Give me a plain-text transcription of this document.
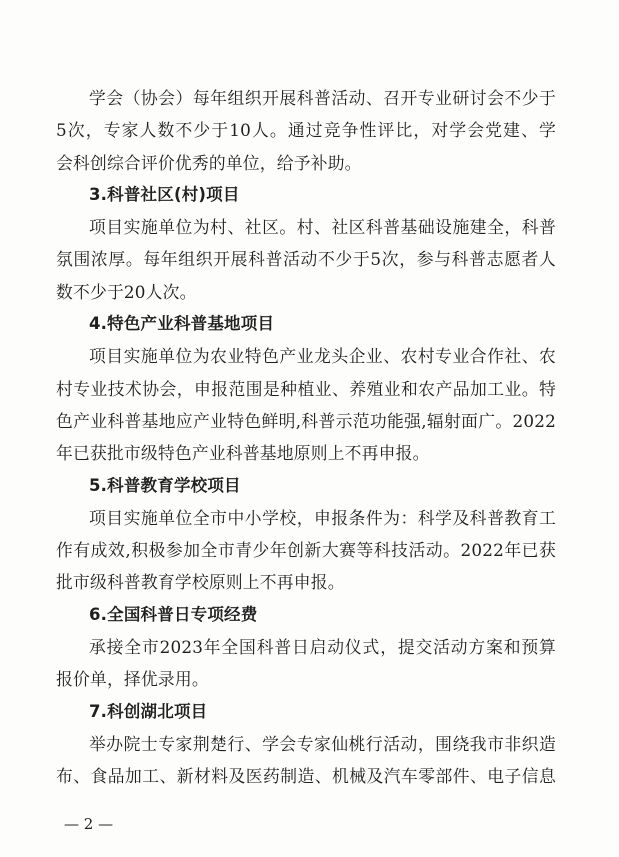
学会（协会）每年组织开展科普活动、召开专业研讨会不少于
5次，专家人数不少于10人。通过竞争性评比，对学会党建、学
会科创综合评价优秀的单位，给予补助。
3.科普社区(村)项目
项目实施单位为村、社区。村、社区科普基础设施建全，科普
氛围浓厚。每年组织开展科普活动不少于5次，参与科普志愿者人
数不少于20人次。
4.特色产业科普基地项目
项目实施单位为农业特色产业龙头企业、农村专业合作社、农
村专业技术协会，申报范围是种植业、养殖业和农产品加工业。特
色产业科普基地应产业特色鲜明,科普示范功能强,辐射面广。2022
年已获批市级特色产业科普基地原则上不再申报。
5.科普教育学校项目
项目实施单位全市中小学校，申报条件为：科学及科普教育工
作有成效,积极参加全市青少年创新大赛等科技活动。2022年已获
批市级科普教育学校原则上不再申报。
6.全国科普日专项经费
承接全市2023年全国科普日启动仪式，提交活动方案和预算
报价单，择优录用。
7.科创湖北项目
举办院士专家荆楚行、学会专家仙桃行活动，围绕我市非织造
布、食品加工、新材料及医药制造、机械及汽车零部件、电子信息
— 2 —
